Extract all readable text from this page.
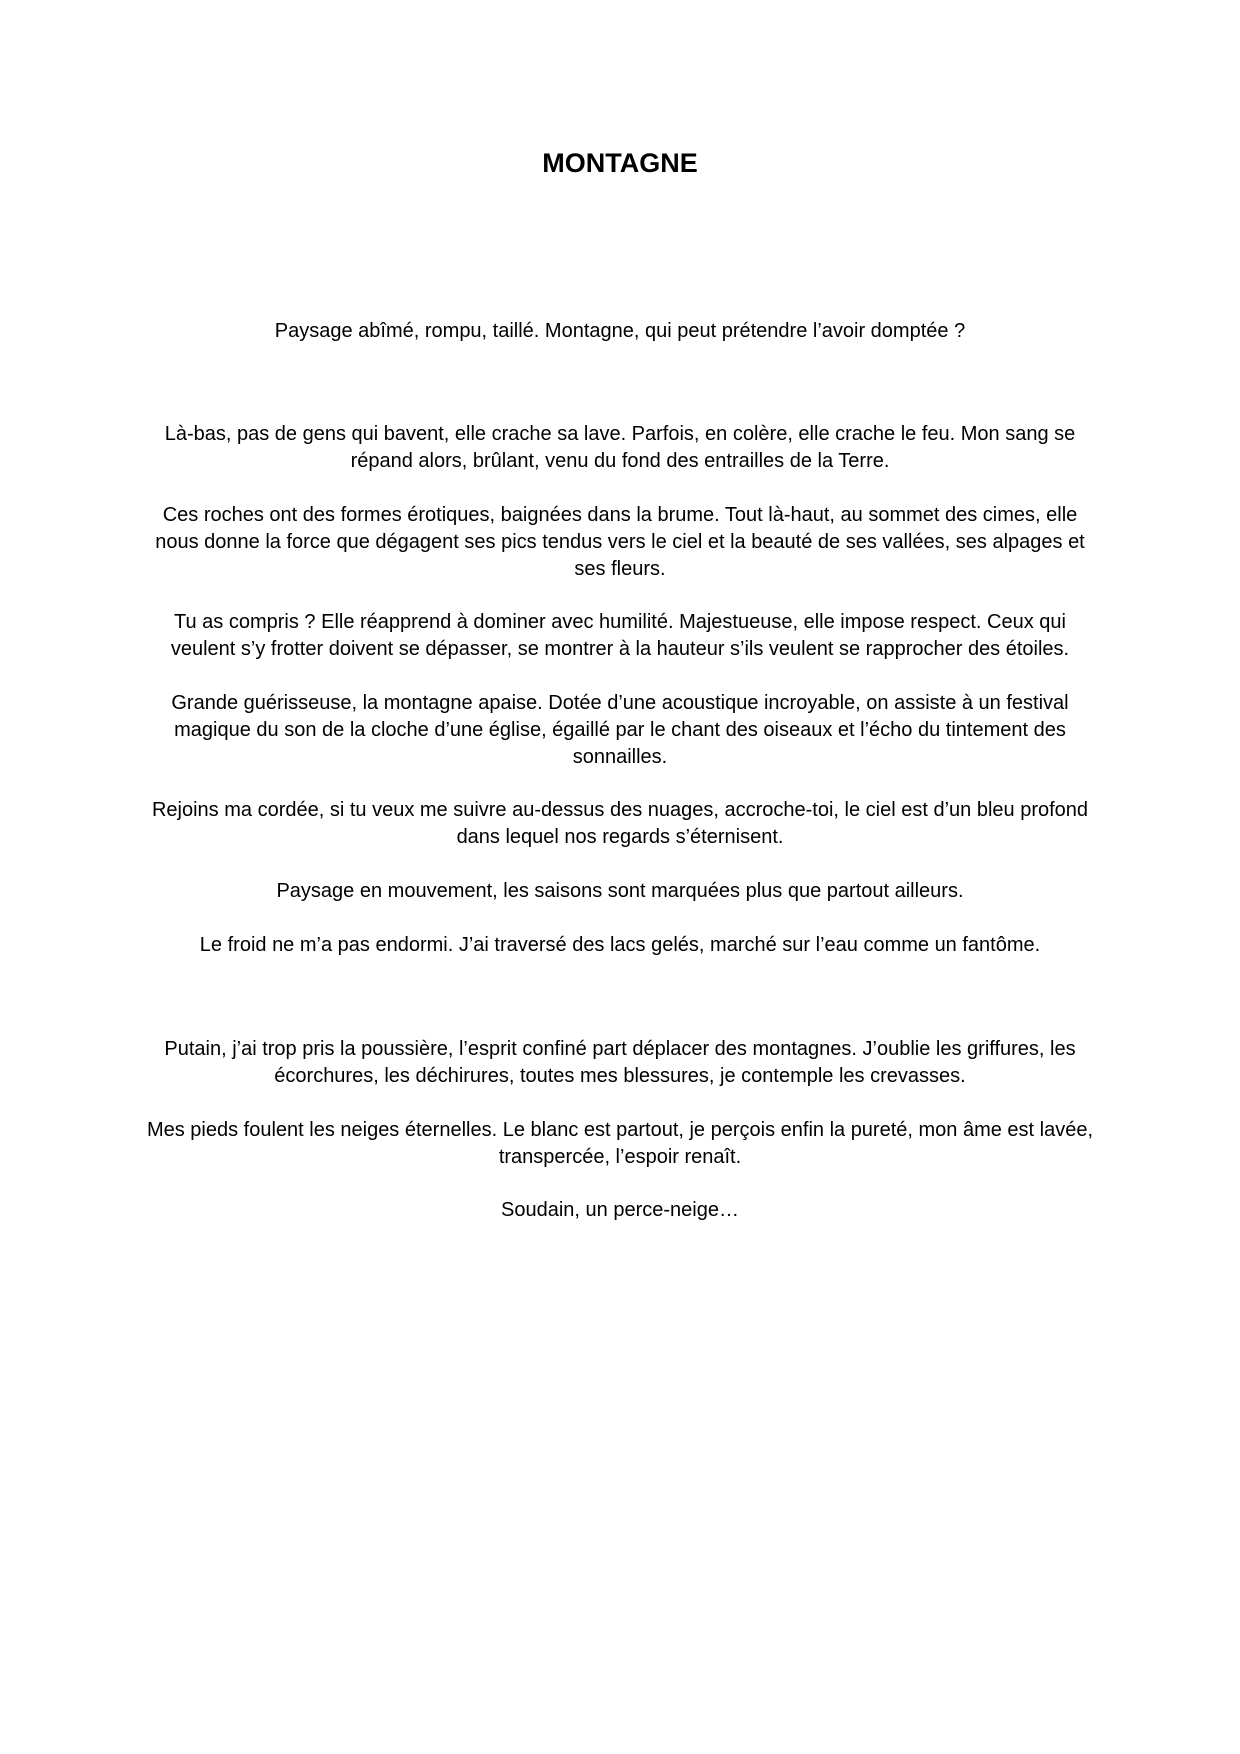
MONTAGNE

Paysage abîmé, rompu, taillé. Montagne, qui peut prétendre l’avoir domptée ?

Là-bas, pas de gens qui bavent, elle crache sa lave. Parfois, en colère, elle crache le feu. Mon sang se répand alors, brûlant, venu du fond des entrailles de la Terre.

Ces roches ont des formes érotiques, baignées dans la brume. Tout là-haut, au sommet des cimes, elle nous donne la force que dégagent ses pics tendus vers le ciel et la beauté de ses vallées, ses alpages et ses fleurs.

Tu as compris ? Elle réapprend à dominer avec humilité. Majestueuse, elle impose respect. Ceux qui veulent s’y frotter doivent se dépasser, se montrer à la hauteur s’ils veulent se rapprocher des étoiles.

Grande guérisseuse, la montagne apaise. Dotée d’une acoustique incroyable, on assiste à un festival magique du son de la cloche d’une église, égaillé par le chant des oiseaux et l’écho du tintement des sonnailles.

Rejoins ma cordée, si tu veux me suivre au-dessus des nuages, accroche-toi, le ciel est d’un bleu profond dans lequel nos regards s’éternisent.

Paysage en mouvement, les saisons sont marquées plus que partout ailleurs.

Le froid ne m’a pas endormi. J’ai traversé des lacs gelés, marché sur l’eau comme un fantôme.

Putain, j’ai trop pris la poussière, l’esprit confiné part déplacer des montagnes. J’oublie les griffures, les écorchures, les déchirures, toutes mes blessures, je contemple les crevasses.

Mes pieds foulent les neiges éternelles. Le blanc est partout, je perçois enfin la pureté, mon âme est lavée, transpercée, l’espoir renaît.

Soudain, un perce-neige…
